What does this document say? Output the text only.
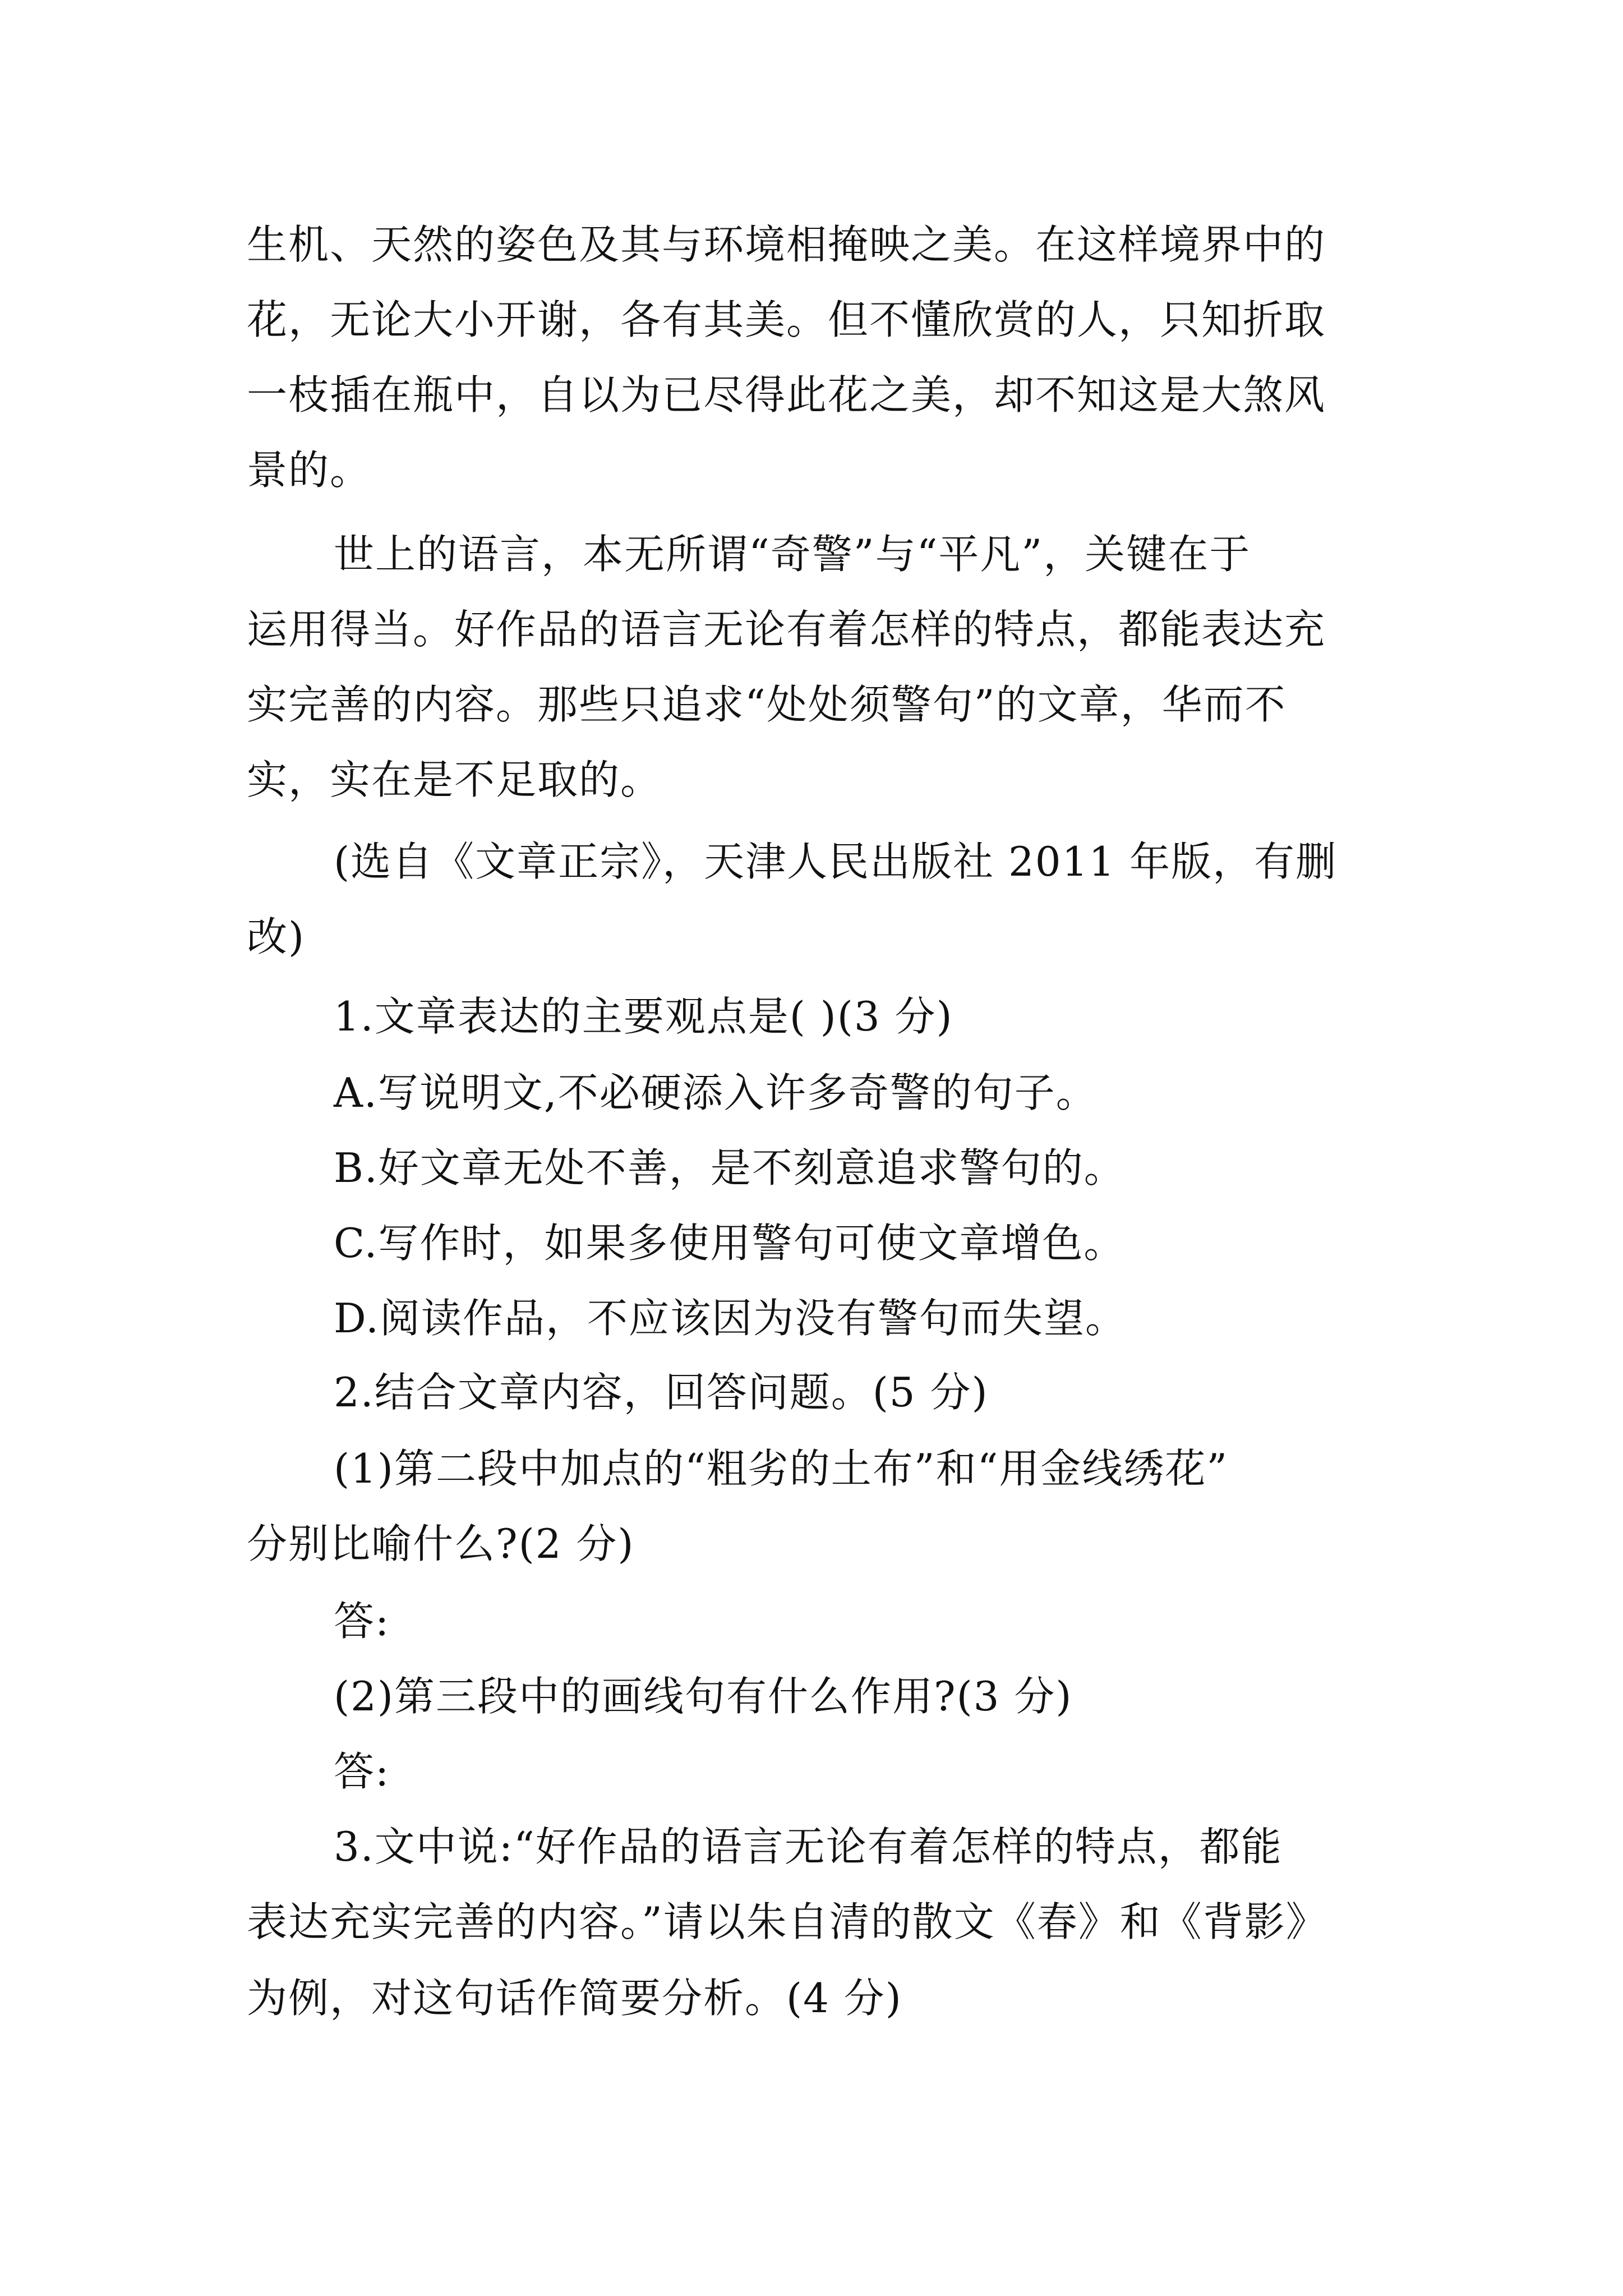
生机、天然的姿色及其与环境相掩映之美。在这样境界中的
花，无论大小开谢，各有其美。但不懂欣赏的人，只知折取
一枝插在瓶中，自以为已尽得此花之美，却不知这是大煞风
景的。
世上的语言，本无所谓“奇警”与“平凡”，关键在于
运用得当。好作品的语言无论有着怎样的特点，都能表达充
实完善的内容。那些只追求“处处须警句”的文章，华而不
实，实在是不足取的。
(选自《文章正宗》，天津人民出版社 2011 年版，有删
改)
1.文章表达的主要观点是( )(3 分)
A.写说明文,不必硬添入许多奇警的句子。
B.好文章无处不善，是不刻意追求警句的。
C.写作时，如果多使用警句可使文章增色。
D.阅读作品，不应该因为没有警句而失望。
2.结合文章内容，回答问题。(5 分)
(1)第二段中加点的“粗劣的土布”和“用金线绣花”
分别比喻什么?(2 分)
答:
(2)第三段中的画线句有什么作用?(3 分)
答:
3.文中说:“好作品的语言无论有着怎样的特点，都能
表达充实完善的内容。”请以朱自清的散文《春》和《背影》
为例，对这句话作简要分析。(4 分)
